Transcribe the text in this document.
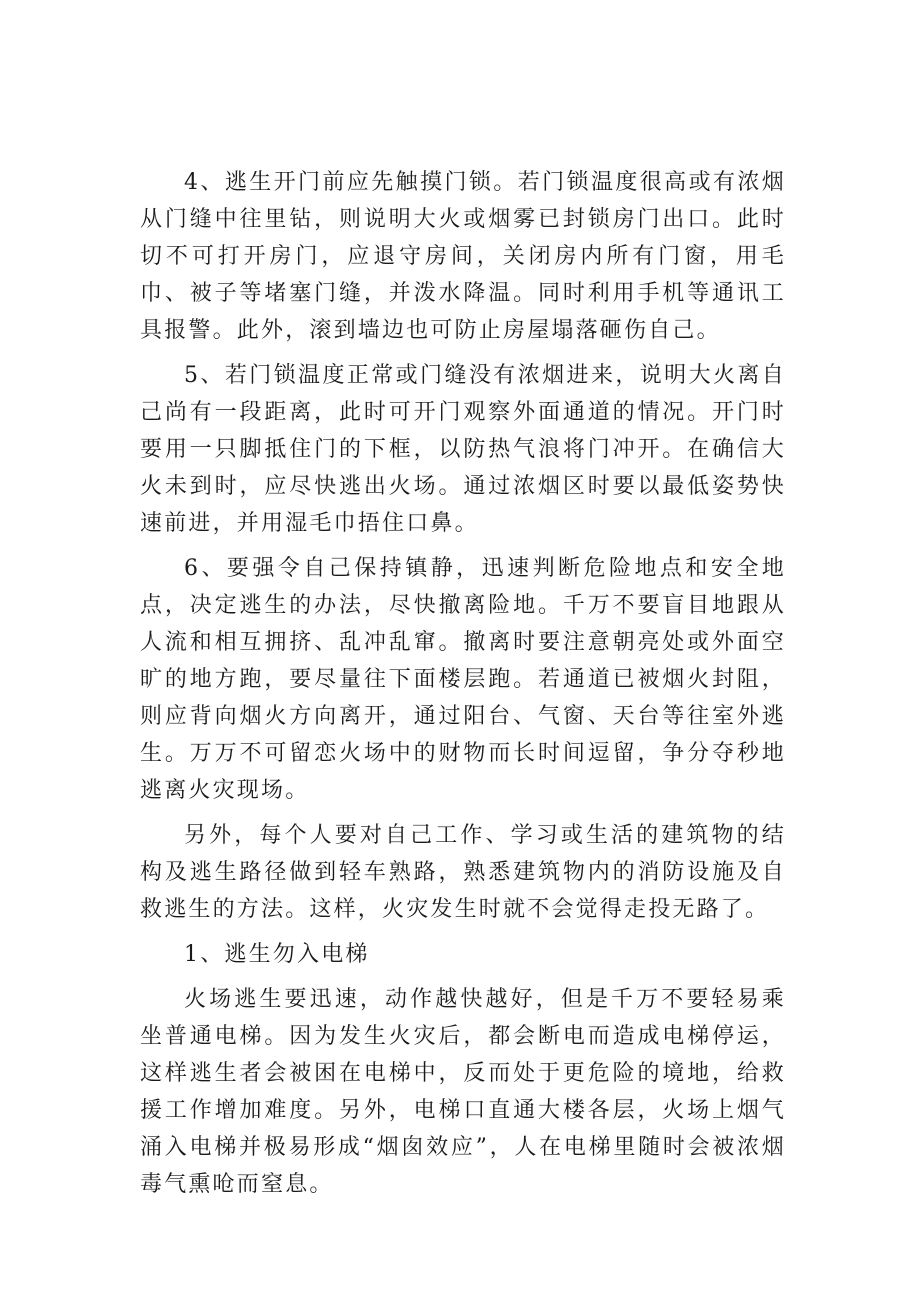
4、逃生开门前应先触摸门锁。若门锁温度很高或有浓烟从门缝中往里钻，则说明大火或烟雾已封锁房门出口。此时切不可打开房门，应退守房间，关闭房内所有门窗，用毛巾、被子等堵塞门缝，并泼水降温。同时利用手机等通讯工具报警。此外，滚到墙边也可防止房屋塌落砸伤自己。

5、若门锁温度正常或门缝没有浓烟进来，说明大火离自己尚有一段距离，此时可开门观察外面通道的情况。开门时要用一只脚抵住门的下框，以防热气浪将门冲开。在确信大火未到时，应尽快逃出火场。通过浓烟区时要以最低姿势快速前进，并用湿毛巾捂住口鼻。

6、要强令自己保持镇静，迅速判断危险地点和安全地点，决定逃生的办法，尽快撤离险地。千万不要盲目地跟从人流和相互拥挤、乱冲乱窜。撤离时要注意朝亮处或外面空旷的地方跑，要尽量往下面楼层跑。若通道已被烟火封阻，则应背向烟火方向离开，通过阳台、气窗、天台等往室外逃生。万万不可留恋火场中的财物而长时间逗留，争分夺秒地逃离火灾现场。

另外，每个人要对自己工作、学习或生活的建筑物的结构及逃生路径做到轻车熟路，熟悉建筑物内的消防设施及自救逃生的方法。这样，火灾发生时就不会觉得走投无路了。

1、逃生勿入电梯

火场逃生要迅速，动作越快越好，但是千万不要轻易乘坐普通电梯。因为发生火灾后，都会断电而造成电梯停运，这样逃生者会被困在电梯中，反而处于更危险的境地，给救援工作增加难度。另外，电梯口直通大楼各层，火场上烟气涌入电梯并极易形成“烟囱效应”，人在电梯里随时会被浓烟毒气熏呛而窒息。
